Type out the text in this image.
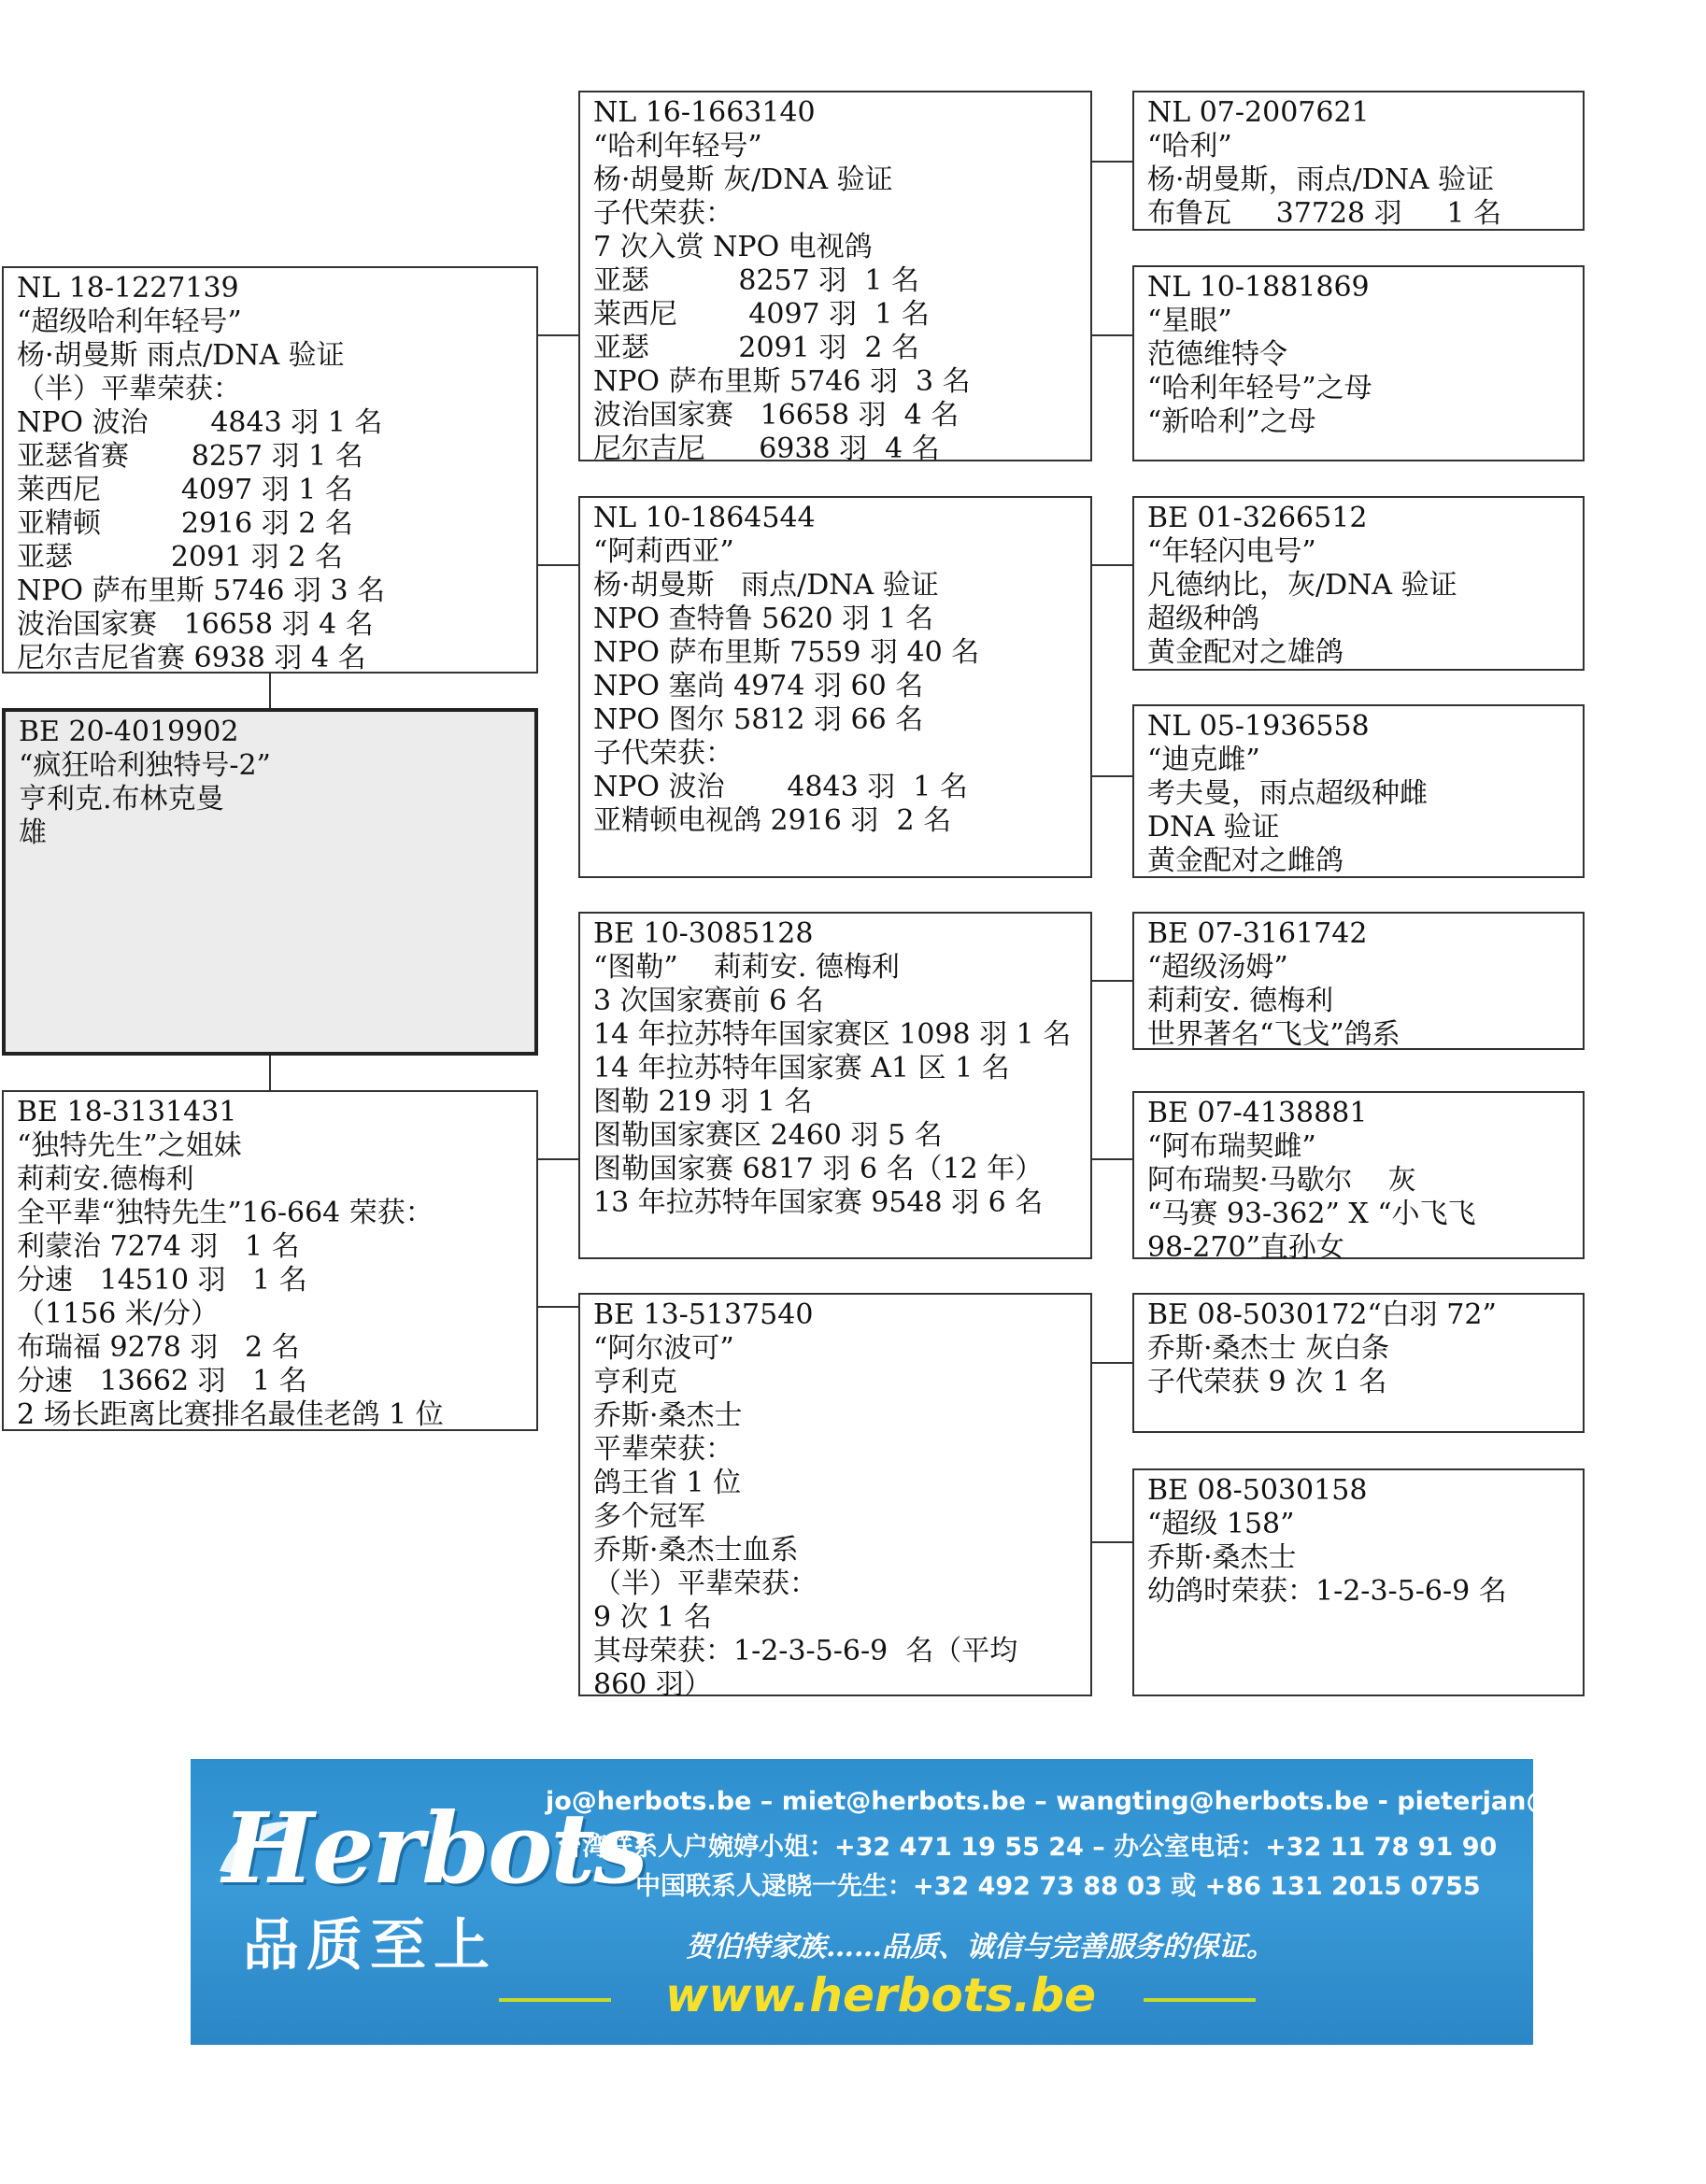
NL 18-1227139
“超级哈利年轻号”
杨·胡曼斯 雨点/DNA 验证
（半）平辈荣获：
NPO 波治       4843 羽 1 名
亚瑟省赛       8257 羽 1 名
莱西尼         4097 羽 1 名
亚精顿         2916 羽 2 名
亚瑟           2091 羽 2 名
NPO 萨布里斯 5746 羽 3 名
波治国家赛   16658 羽 4 名
尼尔吉尼省赛 6938 羽 4 名
BE 20-4019902
“疯狂哈利独特号-2”
亨利克.布林克曼
雄
BE 18-3131431
“独特先生”之姐妹
莉莉安.德梅利
全平辈“独特先生”16-664 荣获：
利蒙治 7274 羽   1 名
分速   14510 羽   1 名
（1156 米/分）
布瑞福 9278 羽   2 名
分速   13662 羽   1 名
2 场长距离比赛排名最佳老鸽 1 位
NL 16-1663140
“哈利年轻号”
杨·胡曼斯 灰/DNA 验证
子代荣获：
7 次入赏 NPO 电视鸽
亚瑟          8257 羽  1 名
莱西尼        4097 羽  1 名
亚瑟          2091 羽  2 名
NPO 萨布里斯 5746 羽  3 名
波治国家赛   16658 羽  4 名
尼尔吉尼      6938 羽  4 名
NL 10-1864544
“阿莉西亚”
杨·胡曼斯   雨点/DNA 验证
NPO 查特鲁 5620 羽 1 名
NPO 萨布里斯 7559 羽 40 名
NPO 塞尚 4974 羽 60 名
NPO 图尔 5812 羽 66 名
子代荣获：
NPO 波治       4843 羽  1 名
亚精顿电视鸽 2916 羽  2 名
BE 10-3085128
“图勒”    莉莉安. 德梅利
3 次国家赛前 6 名
14 年拉苏特年国家赛区 1098 羽 1 名
14 年拉苏特年国家赛 A1 区 1 名
图勒 219 羽 1 名
图勒国家赛区 2460 羽 5 名
图勒国家赛 6817 羽 6 名（12 年）
13 年拉苏特年国家赛 9548 羽 6 名
BE 13-5137540
“阿尔波可”
亨利克
乔斯·桑杰士
平辈荣获：
鸽王省 1 位
多个冠军
乔斯·桑杰士血系
（半）平辈荣获：
9 次 1 名
其母荣获：1-2-3-5-6-9  名（平均
860 羽）
NL 07-2007621
“哈利”
杨·胡曼斯，雨点/DNA 验证
布鲁瓦     37728 羽     1 名
NL 10-1881869
“星眼”
范德维特令
“哈利年轻号”之母
“新哈利”之母
BE 01-3266512
“年轻闪电号”
凡德纳比，灰/DNA 验证
超级种鸽
黄金配对之雄鸽
NL 05-1936558
“迪克雌”
考夫曼，雨点超级种雌
DNA 验证
黄金配对之雌鸽
BE 07-3161742
“超级汤姆”
莉莉安. 德梅利
世界著名“飞戈”鸽系
BE 07-4138881
“阿布瑞契雌”
阿布瑞契·马歇尔    灰
“马赛 93-362” X “小飞飞
98-270”直孙女
BE 08-5030172“白羽 72”
乔斯·桑杰士 灰白条
子代荣获 9 次 1 名
BE 08-5030158
“超级 158”
乔斯·桑杰士
幼鸽时荣获：1-2-3-5-6-9 名
Herbots
品质至上
jo@herbots.be – miet@herbots.be – wangting@herbots.be - pieterjan@herbots.be
台湾联系人户婉婷小姐：+32 471 19 55 24 – 办公室电话：+32 11 78 91 90
中国联系人逯晓一先生：+32 492 73 88 03 或 +86 131 2015 0755
贺伯特家族……品质、诚信与完善服务的保证。
www.herbots.be
